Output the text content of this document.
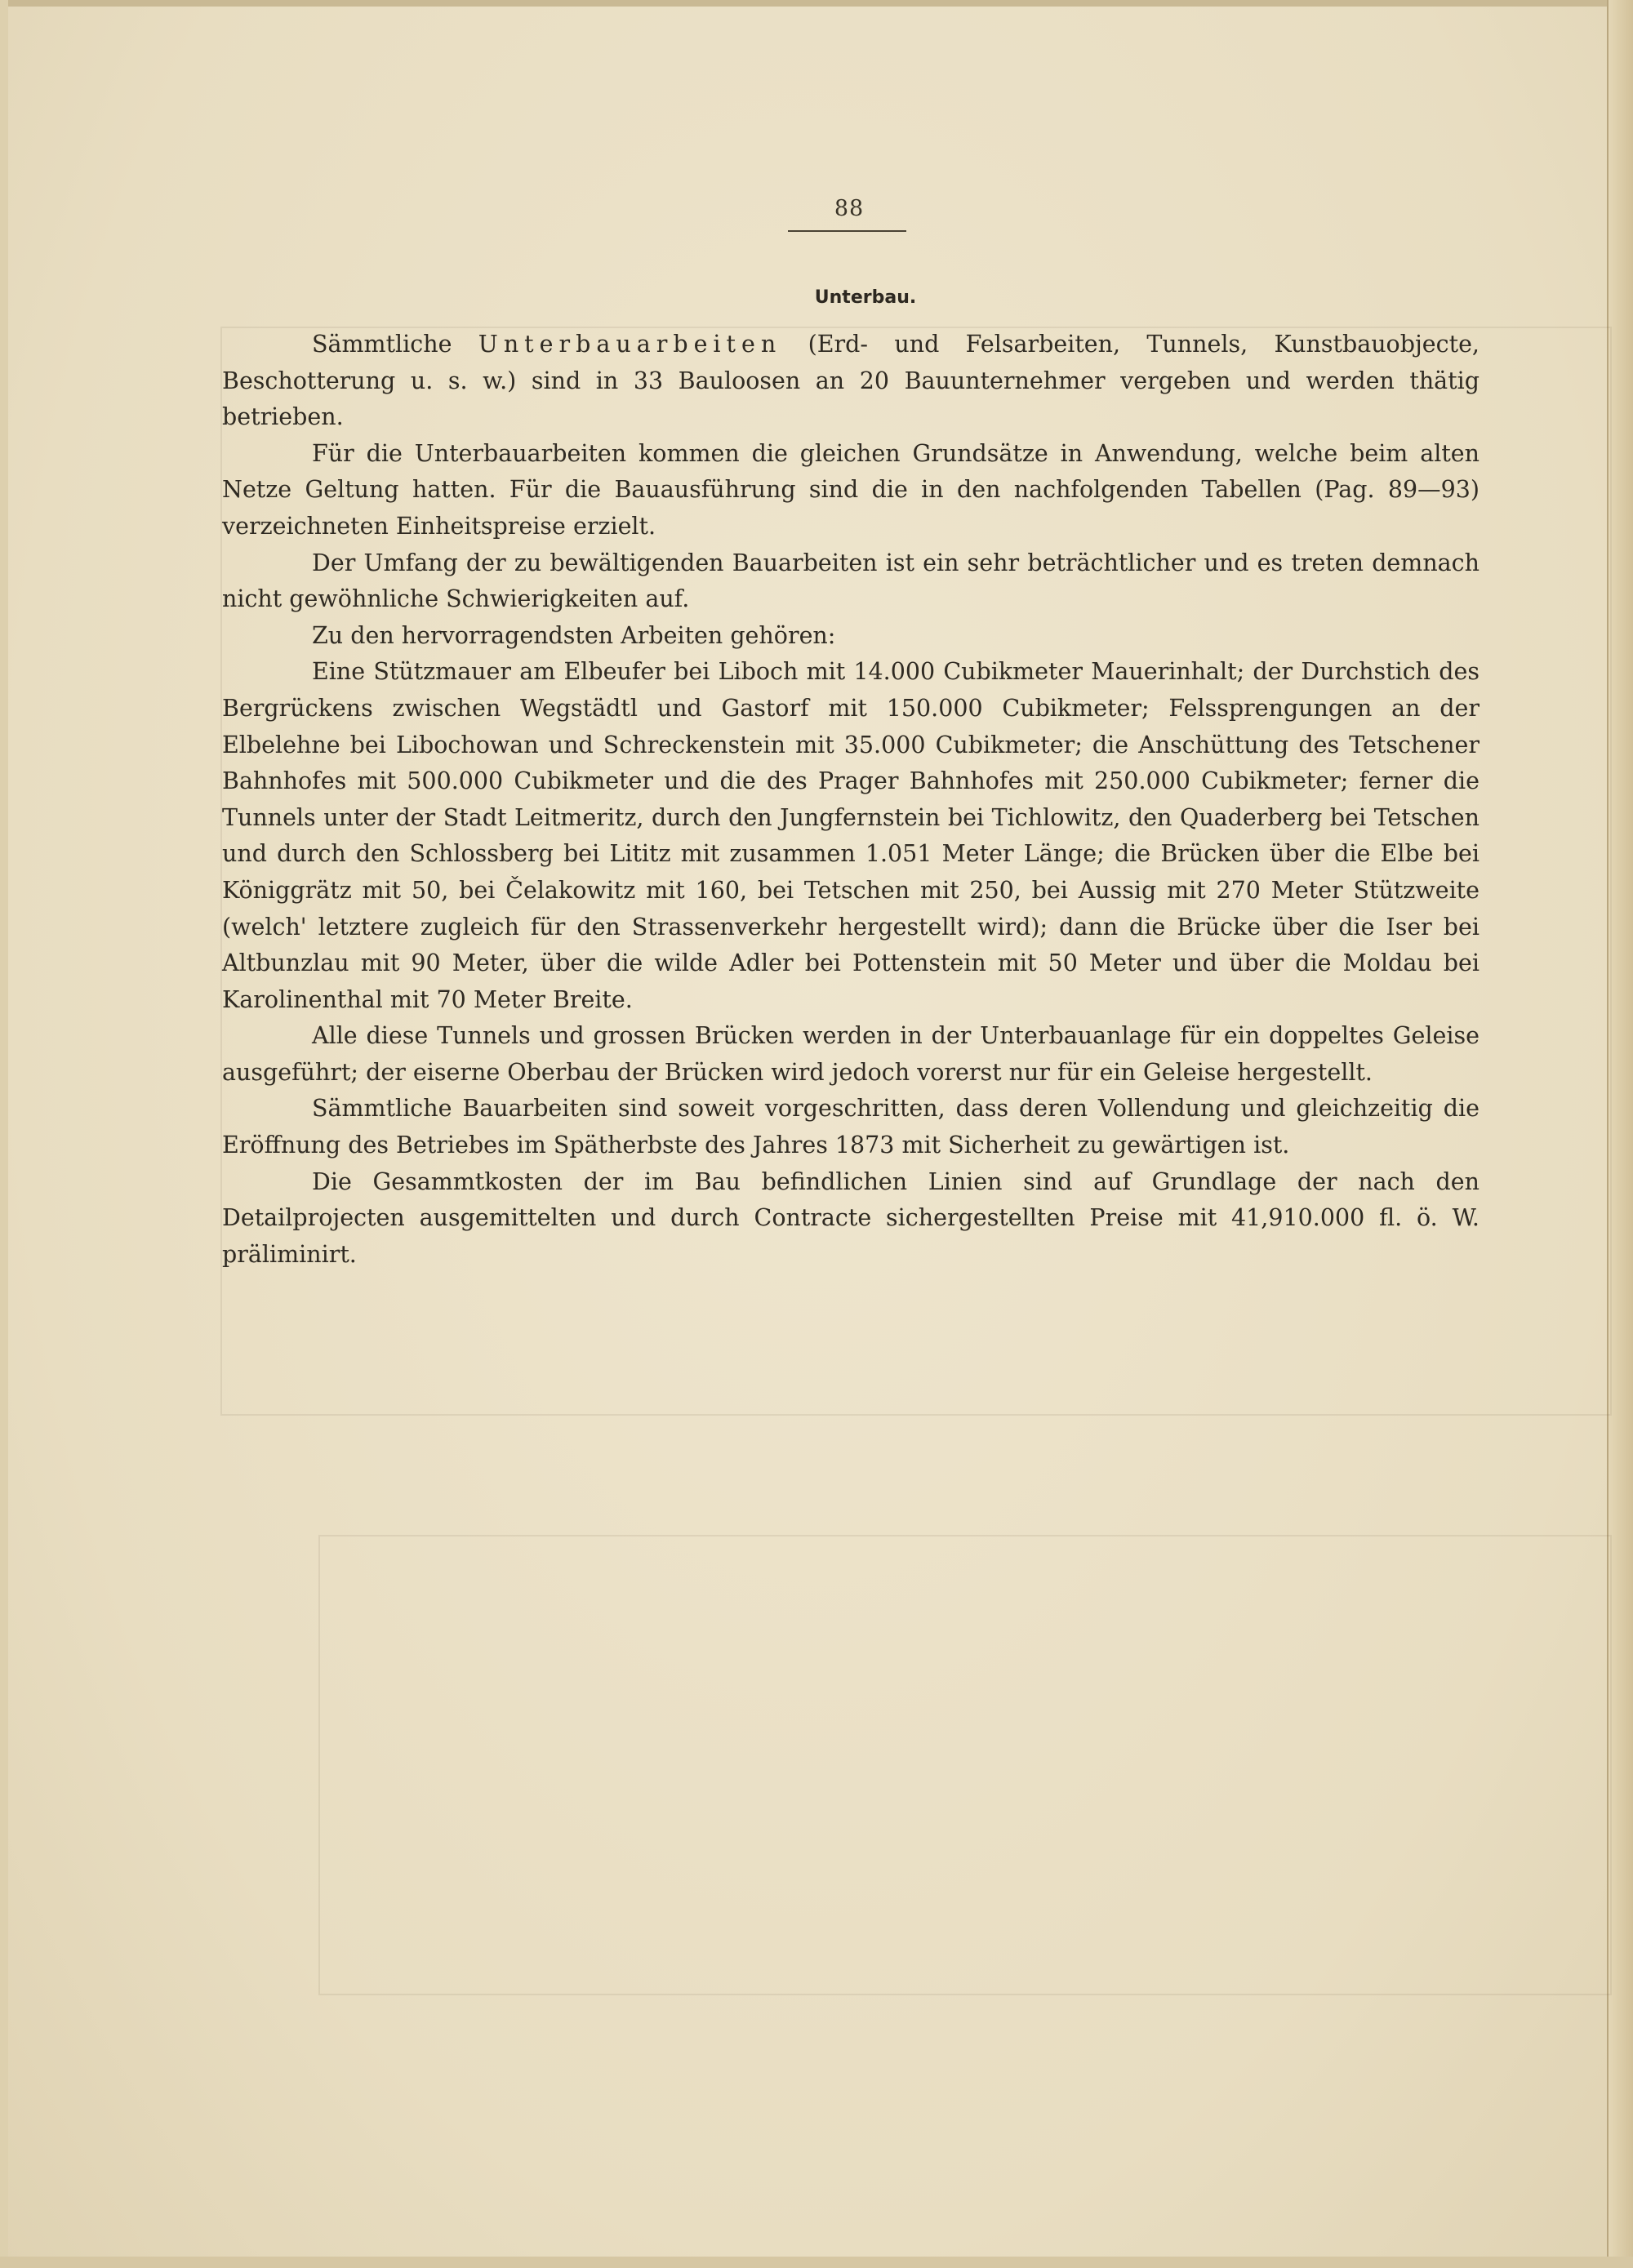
88
Unterbau.

Sämmtliche Unterbauarbeiten (Erd- und Felsarbeiten, Tunnels, Kunstbauobjecte, Beschotterung u. s. w.) sind in 33 Bauloosen an 20 Bauunternehmer vergeben und werden thätig betrieben.

Für die Unterbauarbeiten kommen die gleichen Grundsätze in Anwendung, welche beim alten Netze Geltung hatten. Für die Bauausführung sind die in den nachfolgenden Tabellen (Pag. 89—93) verzeichneten Einheitspreise erzielt.

Der Umfang der zu bewältigenden Bauarbeiten ist ein sehr beträchtlicher und es treten demnach nicht gewöhnliche Schwierigkeiten auf.

Zu den hervorragendsten Arbeiten gehören:

Eine Stützmauer am Elbeufer bei Liboch mit 14.000 Cubikmeter Mauerinhalt; der Durchstich des Bergrückens zwischen Wegstädtl und Gastorf mit 150.000 Cubikmeter; Felssprengungen an der Elbelehne bei Libochowan und Schreckenstein mit 35.000 Cubikmeter; die Anschüttung des Tetschener Bahnhofes mit 500.000 Cubikmeter und die des Prager Bahnhofes mit 250.000 Cubikmeter; ferner die Tunnels unter der Stadt Leitmeritz, durch den Jungfernstein bei Tichlowitz, den Quaderberg bei Tetschen und durch den Schlossberg bei Lititz mit zusammen 1.051 Meter Länge; die Brücken über die Elbe bei Königgrätz mit 50, bei Čelakowitz mit 160, bei Tetschen mit 250, bei Aussig mit 270 Meter Stützweite (welch' letztere zugleich für den Strassenverkehr hergestellt wird); dann die Brücke über die Iser bei Altbunzlau mit 90 Meter, über die wilde Adler bei Pottenstein mit 50 Meter und über die Moldau bei Karolinenthal mit 70 Meter Breite.

Alle diese Tunnels und grossen Brücken werden in der Unterbauanlage für ein doppeltes Geleise ausgeführt; der eiserne Oberbau der Brücken wird jedoch vorerst nur für ein Geleise hergestellt.

Sämmtliche Bauarbeiten sind soweit vorgeschritten, dass deren Vollendung und gleichzeitig die Eröffnung des Betriebes im Spätherbste des Jahres 1873 mit Sicherheit zu gewärtigen ist.

Die Gesammtkosten der im Bau befindlichen Linien sind auf Grundlage der nach den Detailprojecten ausgemittelten und durch Contracte sichergestellten Preise mit 41,910.000 fl. ö. W. präliminirt.
